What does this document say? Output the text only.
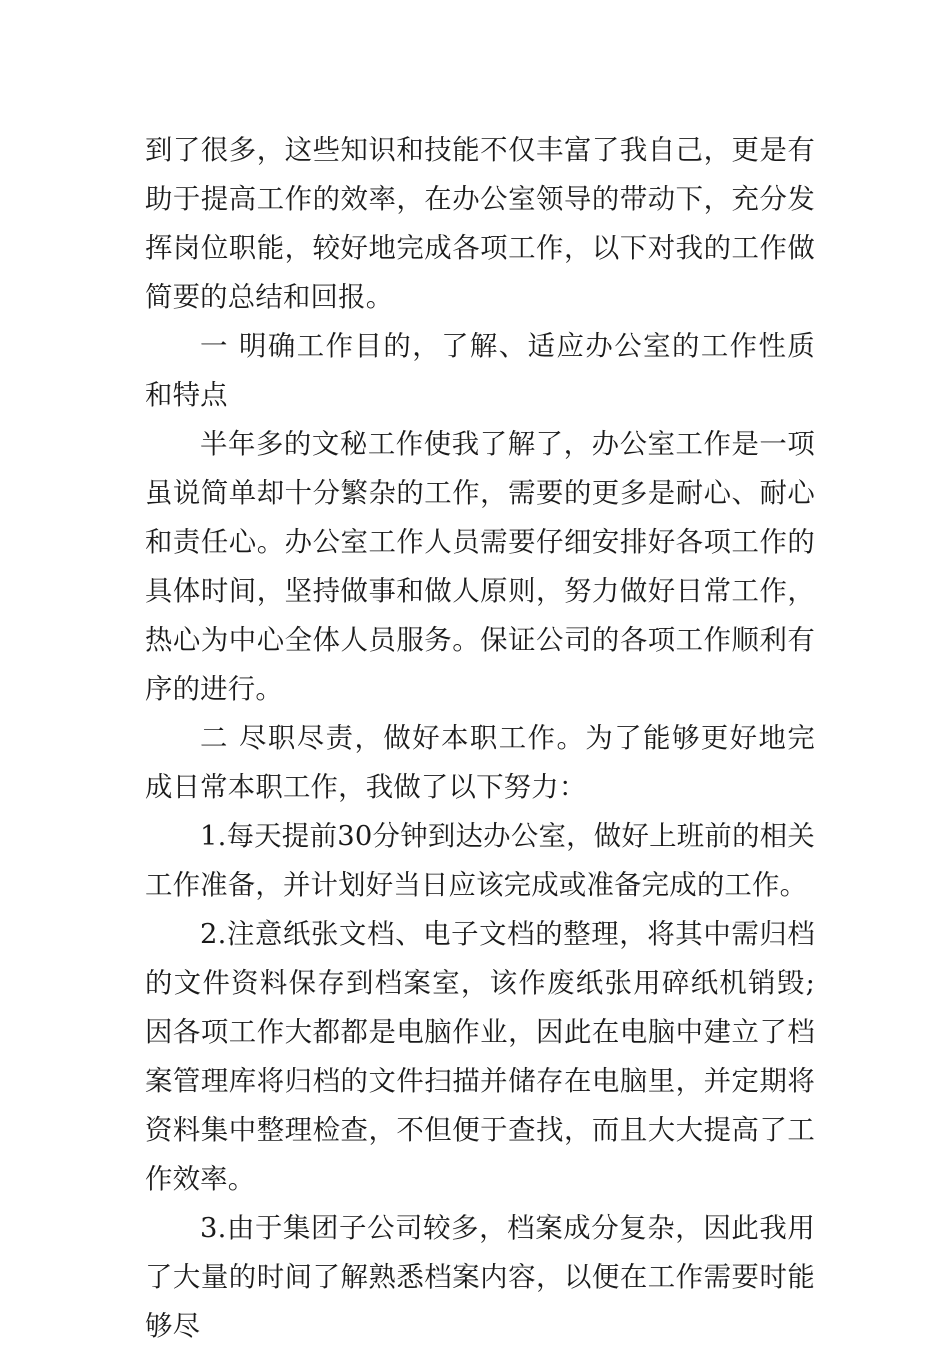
到了很多，这些知识和技能不仅丰富了我自己，更是有助于提高工作的效率，在办公室领导的带动下，充分发挥岗位职能，较好地完成各项工作，以下对我的工作做简要的总结和回报。

一 明确工作目的，了解、适应办公室的工作性质和特点

半年多的文秘工作使我了解了，办公室工作是一项虽说简单却十分繁杂的工作，需要的更多是耐心、耐心和责任心。办公室工作人员需要仔细安排好各项工作的具体时间，坚持做事和做人原则，努力做好日常工作，热心为中心全体人员服务。保证公司的各项工作顺利有序的进行。

二 尽职尽责，做好本职工作。为了能够更好地完成日常本职工作，我做了以下努力：

1.每天提前30分钟到达办公室，做好上班前的相关工作准备，并计划好当日应该完成或准备完成的工作。

2.注意纸张文档、电子文档的整理，将其中需归档的文件资料保存到档案室，该作废纸张用碎纸机销毁;因各项工作大都都是电脑作业，因此在电脑中建立了档案管理库将归档的文件扫描并储存在电脑里，并定期将资料集中整理检查，不但便于查找，而且大大提高了工作效率。

3.由于集团子公司较多，档案成分复杂，因此我用了大量的时间了解熟悉档案内容，以便在工作需要时能够尽
